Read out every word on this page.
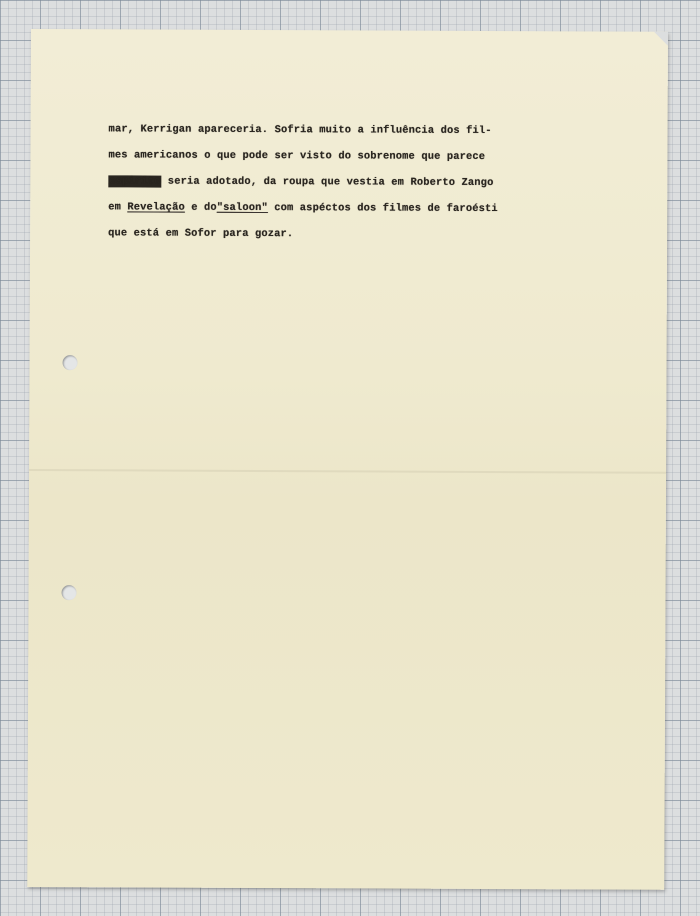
mar, Kerrigan apareceria. Sofria muito a influência dos fil-
mes americanos o que pode ser visto do sobrenome que parece
espirito seria adotado, da roupa que vestia em Roberto Zango
em Revelação e do"saloon" com aspéctos dos filmes de faroésti
que está em Sofor para gozar.
